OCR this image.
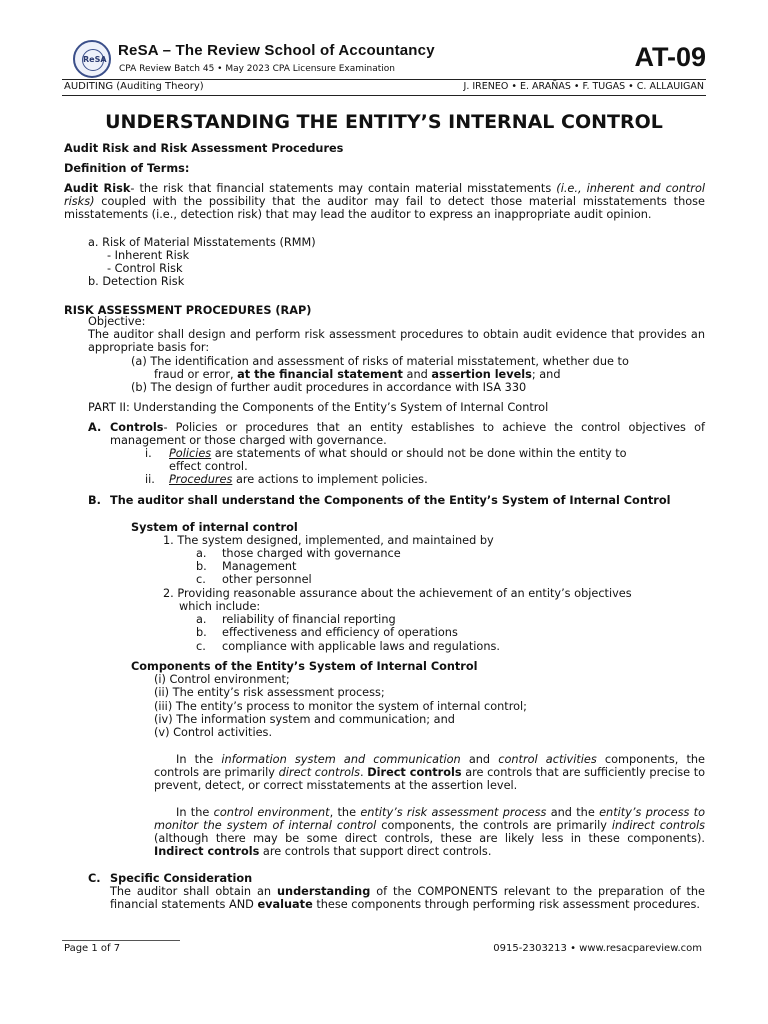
ReSA
ReSA – The Review School of Accountancy
CPA Review Batch 45 • May 2023 CPA Licensure Examination	AT-09
AUDITING (Auditing Theory)	J. IRENEO • E. ARAÑAS • F. TUGAS • C. ALLAUIGAN
UNDERSTANDING THE ENTITY’S INTERNAL CONTROL
Audit Risk and Risk Assessment Procedures
Definition of Terms:
Audit Risk- the risk that financial statements may contain material misstatements (i.e., inherent and control risks) coupled with the possibility that the auditor may fail to detect those material misstatements those misstatements (i.e., detection risk) that may lead the auditor to express an inappropriate audit opinion.
a. Risk of Material Misstatements (RMM)
- Inherent Risk
- Control Risk
b. Detection Risk
RISK ASSESSMENT PROCEDURES (RAP)
Objective:
The auditor shall design and perform risk assessment procedures to obtain audit evidence that provides an appropriate basis for:
(a) The identification and assessment of risks of material misstatement, whether due to
fraud or error, at the financial statement and assertion levels; and
(b) The design of further audit procedures in accordance with ISA 330
PART II: Understanding the Components of the Entity’s System of Internal Control
A. Controls- Policies or procedures that an entity establishes to achieve the control objectives of management or those charged with governance.
i. Policies are statements of what should or should not be done within the entity to
effect control.
ii. Procedures are actions to implement policies.
B. The auditor shall understand the Components of the Entity’s System of Internal Control
System of internal control
1. The system designed, implemented, and maintained by
a. those charged with governance
b. Management
c. other personnel
2. Providing reasonable assurance about the achievement of an entity’s objectives
which include:
a. reliability of financial reporting
b. effectiveness and efficiency of operations
c. compliance with applicable laws and regulations.
Components of the Entity’s System of Internal Control
(i) Control environment;
(ii) The entity’s risk assessment process;
(iii) The entity’s process to monitor the system of internal control;
(iv) The information system and communication; and
(v) Control activities.
In the information system and communication and control activities components, the controls are primarily direct controls. Direct controls are controls that are sufficiently precise to prevent, detect, or correct misstatements at the assertion level.
In the control environment, the entity’s risk assessment process and the entity’s process to monitor the system of internal control components, the controls are primarily indirect controls (although there may be some direct controls, these are likely less in these components). Indirect controls are controls that support direct controls.
C. Specific Consideration
The auditor shall obtain an understanding of the COMPONENTS relevant to the preparation of the financial statements AND evaluate these components through performing risk assessment procedures.
Page 1 of 7	0915-2303213 • www.resacpareview.com
